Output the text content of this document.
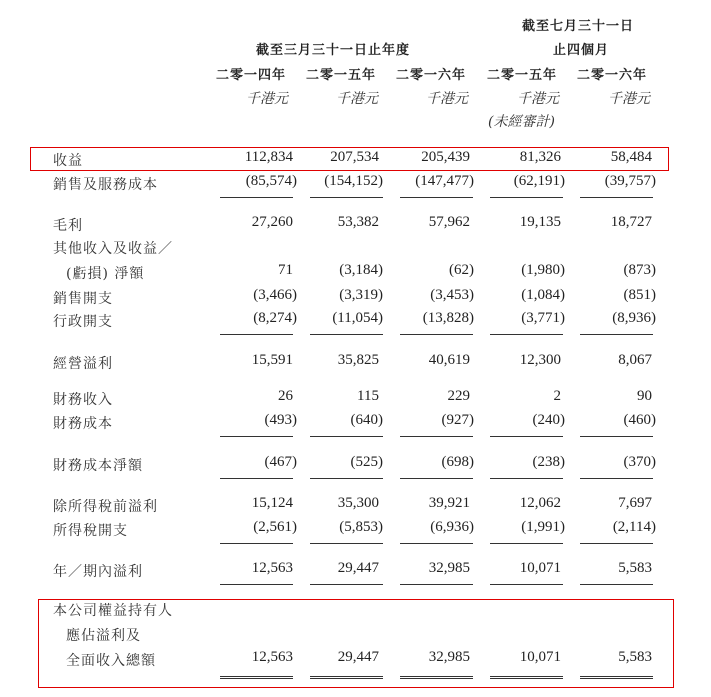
截至三月三十一日止年度
截至七月三十一日
止四個月
二零一四年 二零一五年 二零一六年 二零一五年 二零一六年
千港元	千港元	千港元	千港元	千港元
(未經審計)
收益	112,834	207,534	205,439	81,326	58,484
銷售及服務成本	(85,574)	(154,152)	(147,477)	(62,191)	(39,757)
毛利	27,260	53,382	57,962	19,135	18,727
其他收入及收益／
(虧損) 淨額	71	(3,184)	(62)	(1,980)	(873)
銷售開支	(3,466)	(3,319)	(3,453)	(1,084)	(851)
行政開支	(8,274)	(11,054)	(13,828)	(3,771)	(8,936)
經營溢利	15,591	35,825	40,619	12,300	8,067
財務收入	26	115	229	2	90
財務成本	(493)	(640)	(927)	(240)	(460)
財務成本淨額	(467)	(525)	(698)	(238)	(370)
除所得稅前溢利	15,124	35,300	39,921	12,062	7,697
所得稅開支	(2,561)	(5,853)	(6,936)	(1,991)	(2,114)
年／期內溢利	12,563	29,447	32,985	10,071	5,583
本公司權益持有人
應佔溢利及
全面收入總額	12,563	29,447	32,985	10,071	5,583
